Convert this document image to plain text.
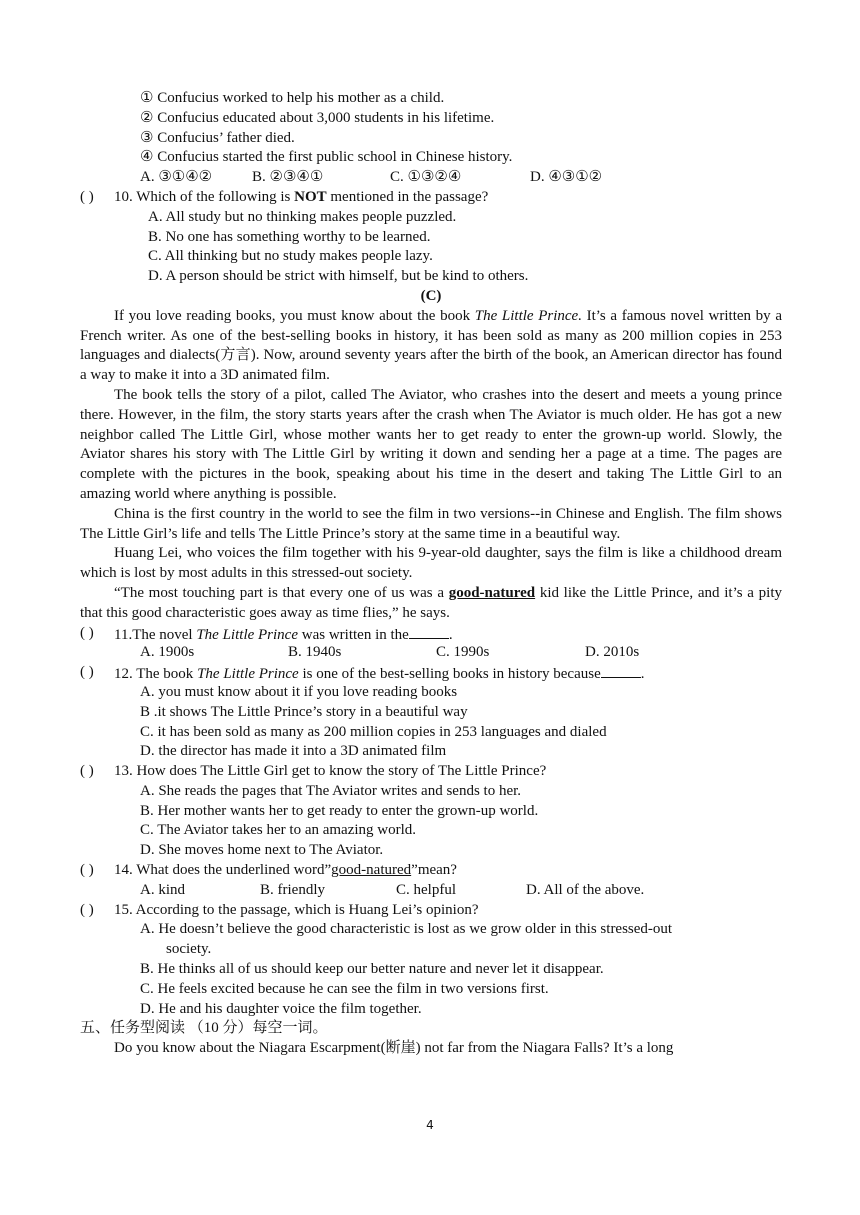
① Confucius worked to help his mother as a child.
② Confucius educated about 3,000 students in his lifetime.
③ Confucius’ father died.
④ Confucius started the first public school in Chinese history.
A. ③①④②	B. ②③④①	C. ①③②④	D. ④③①②
( ) 10. Which of the following is NOT mentioned in the passage?
A. All study but no thinking makes people puzzled.
B. No one has something worthy to be learned.
C. All thinking but no study makes people lazy.
D. A person should be strict with himself, but be kind to others.
(C)
If you love reading books, you must know about the book The Little Prince. It’s a famous novel written by a French writer. As one of the best-selling books in history, it has been sold as many as 200 million copies in 253 languages and dialects(方言). Now, around seventy years after the birth of the book, an American director has found a way to make it into a 3D animated film.
The book tells the story of a pilot, called The Aviator, who crashes into the desert and meets a young prince there. However, in the film, the story starts years after the crash when The Aviator is much older. He has got a new neighbor called The Little Girl, whose mother wants her to get ready to enter the grown-up world. Slowly, the Aviator shares his story with The Little Girl by writing it down and sending her a page at a time. The pages are complete with the pictures in the book, speaking about his time in the desert and taking The Little Girl to an amazing world where anything is possible.
China is the first country in the world to see the film in two versions--in Chinese and English. The film shows The Little Girl’s life and tells The Little Prince’s story at the same time in a beautiful way.
Huang Lei, who voices the film together with his 9-year-old daughter, says the film is like a childhood dream which is lost by most adults in this stressed-out society.
“The most touching part is that every one of us was a good-natured kid like the Little Prince, and it’s a pity that this good characteristic goes away as time flies,” he says.
( ) 11.The novel The Little Prince was written in the	.
A. 1900s	B. 1940s	C. 1990s	D. 2010s
( ) 12. The book The Little Prince is one of the best-selling books in history because	.
A. you must know about it if you love reading books
B .it shows The Little Prince’s story in a beautiful way
C. it has been sold as many as 200 million copies in 253 languages and dialed
D. the director has made it into a 3D animated film
( ) 13. How does The Little Girl get to know the story of The Little Prince?
A. She reads the pages that The Aviator writes and sends to her.
B. Her mother wants her to get ready to enter the grown-up world.
C. The Aviator takes her to an amazing world.
D. She moves home next to The Aviator.
( ) 14. What does the underlined word”good-natured”mean?
A. kind	B. friendly	C. helpful	D. All of the above.
( ) 15. According to the passage, which is Huang Lei’s opinion?
A. He doesn’t believe the good characteristic is lost as we grow older in this stressed-out
society.
B. He thinks all of us should keep our better nature and never let it disappear.
C. He feels excited because he can see the film in two versions first.
D. He and his daughter voice the film together.
五、任务型阅读 （10 分）每空一词。
Do you know about the Niagara Escarpment(断崖) not far from the Niagara Falls? It’s a long
4
